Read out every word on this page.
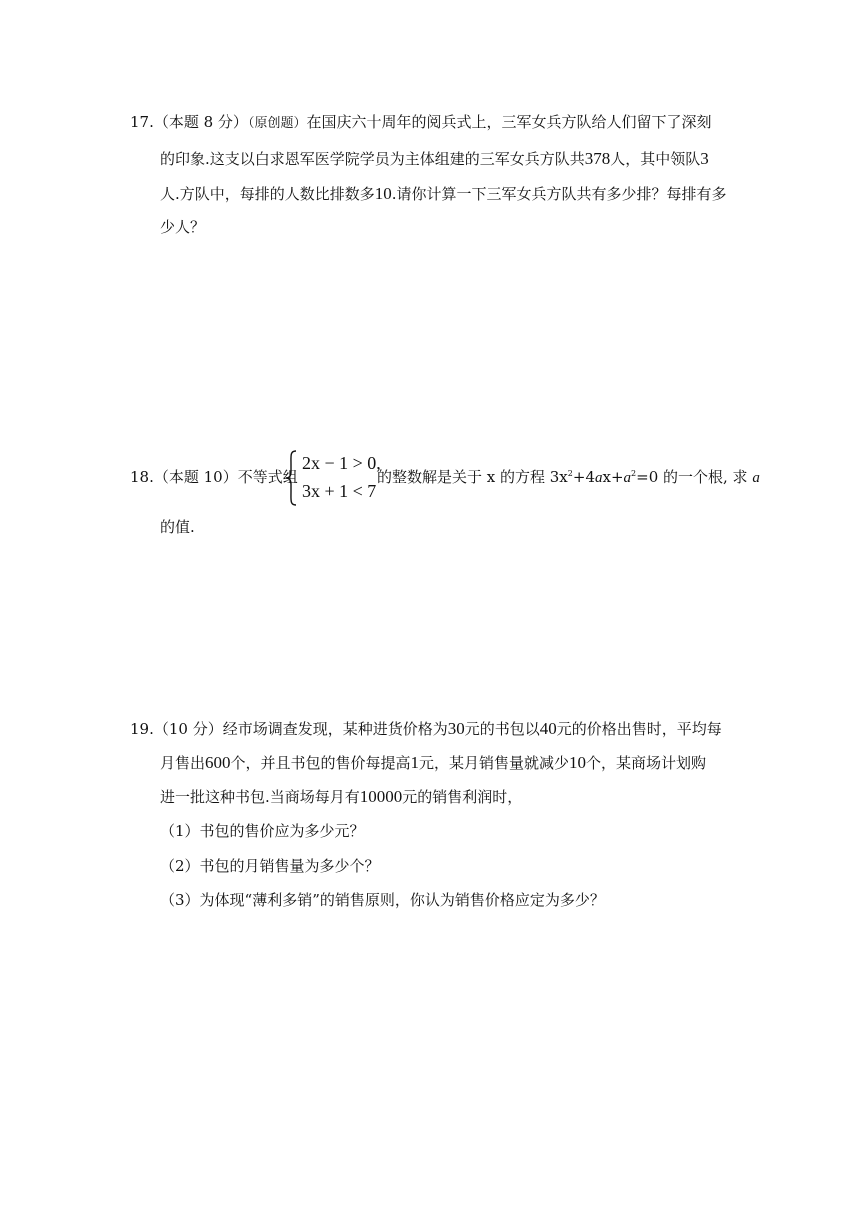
17.（本题 8 分）（原创题）在国庆六十周年的阅兵式上，三军女兵方队给人们留下了深刻
的印象.这支以白求恩军医学院学员为主体组建的三军女兵方队共378人，其中领队3
人.方队中，每排的人数比排数多10.请你计算一下三军女兵方队共有多少排？每排有多
少人？
18.（本题 10）不等式组
2x − 1 > 0,
3x + 1 < 7
的整数解是关于 x 的方程 $3x^2+4ax+a^2=0$ 的一个根, 求 a
的值.
19.（10 分）经市场调查发现，某种进货价格为30元的书包以40元的价格出售时，平均每
月售出600个，并且书包的售价每提高1元，某月销售量就减少10个，某商场计划购
进一批这种书包.当商场每月有10000元的销售利润时，
（1）书包的售价应为多少元？
（2）书包的月销售量为多少个？
（3）为体现“薄利多销”的销售原则，你认为销售价格应定为多少？
